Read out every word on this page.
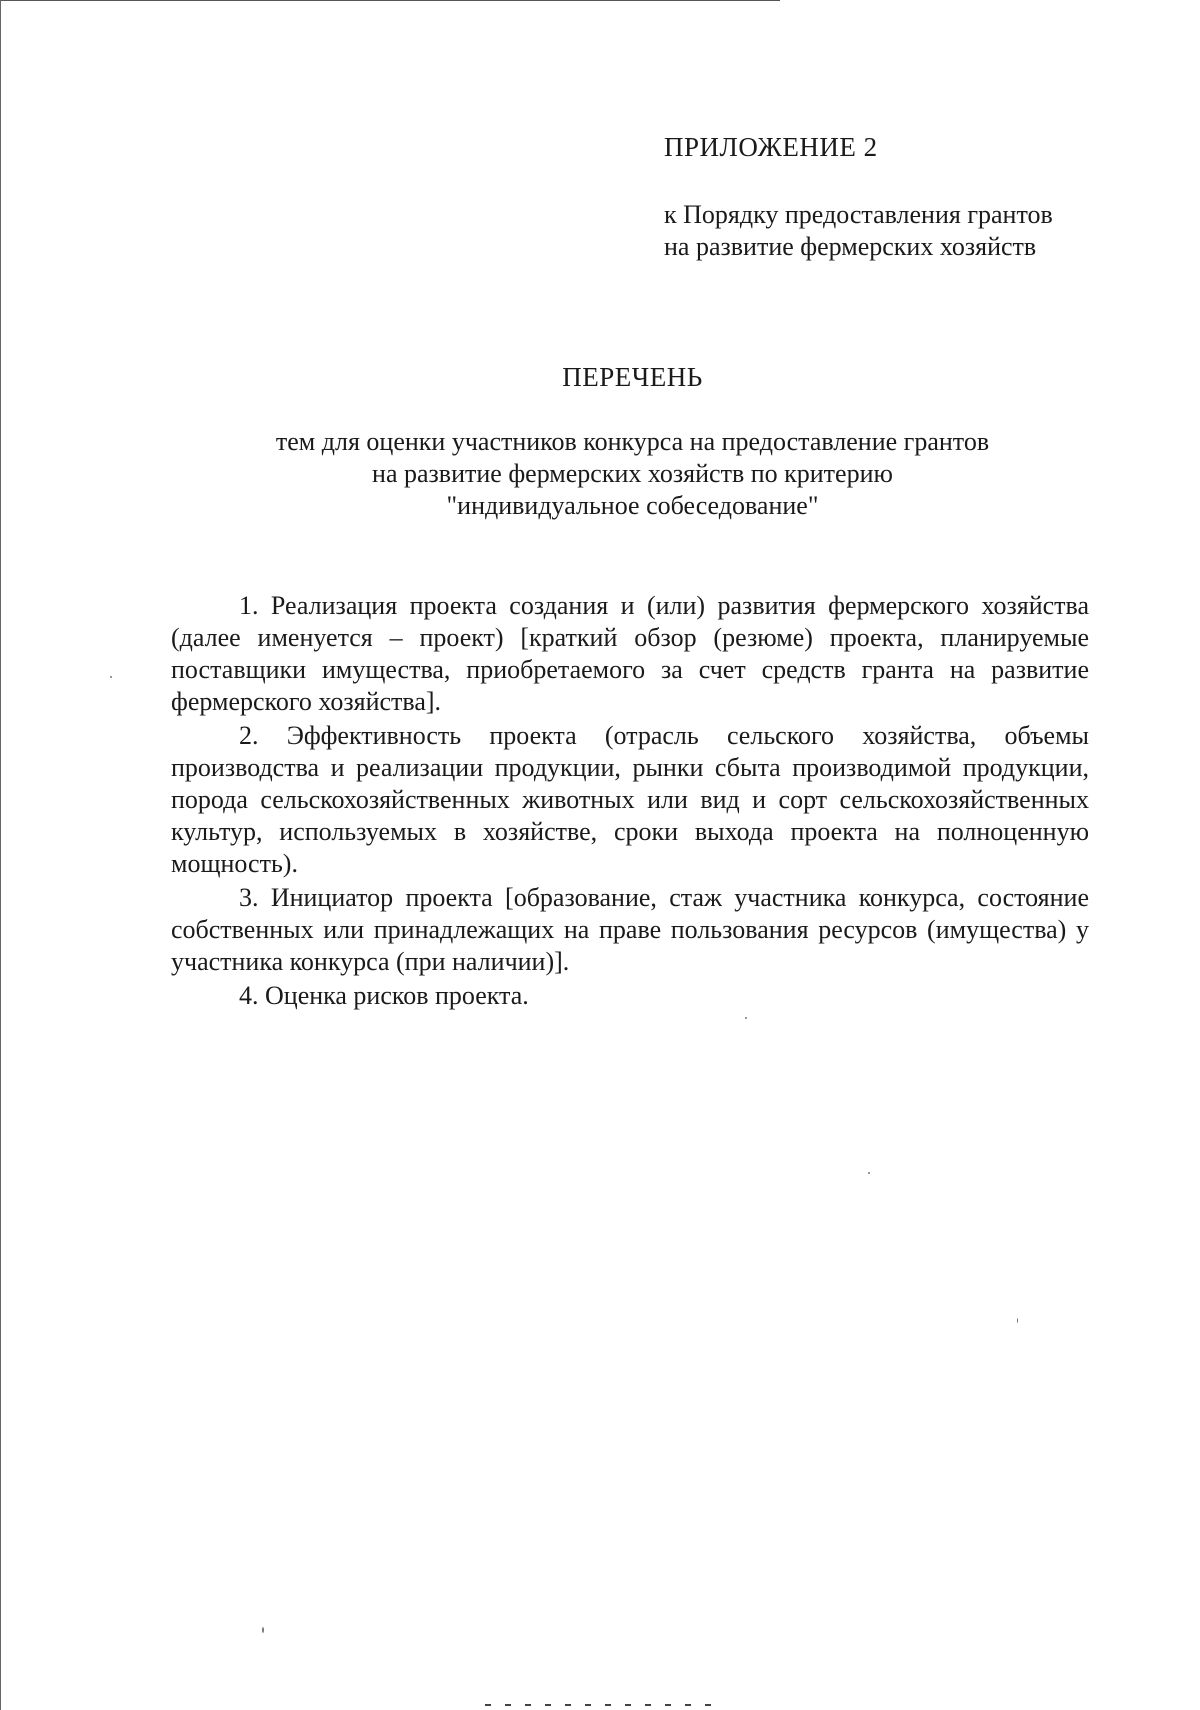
ПРИЛОЖЕНИЕ 2
к Порядку предоставления грантов
на развитие фермерских хозяйств
ПЕРЕЧЕНЬ
тем для оценки участников конкурса на предоставление грантов
на развитие фермерских хозяйств по критерию
"индивидуальное собеседование"

1. Реализация проекта создания и (или) развития фермерского хозяйства (далее именуется – проект) [краткий обзор (резюме) проекта, планируемые поставщики имущества, приобретаемого за счет средств гранта на развитие фермерского хозяйства].

2. Эффективность проекта (отрасль сельского хозяйства, объемы производства и реализации продукции, рынки сбыта производимой продукции, порода сельскохозяйственных животных или вид и сорт сельскохозяйственных культур, используемых в хозяйстве, сроки выхода проекта на полноценную мощность).

3. Инициатор проекта [образование, стаж участника конкурса, состояние собственных или принадлежащих на праве пользования ресурсов (имущества) у участника конкурса (при наличии)].

4. Оценка рисков проекта.
